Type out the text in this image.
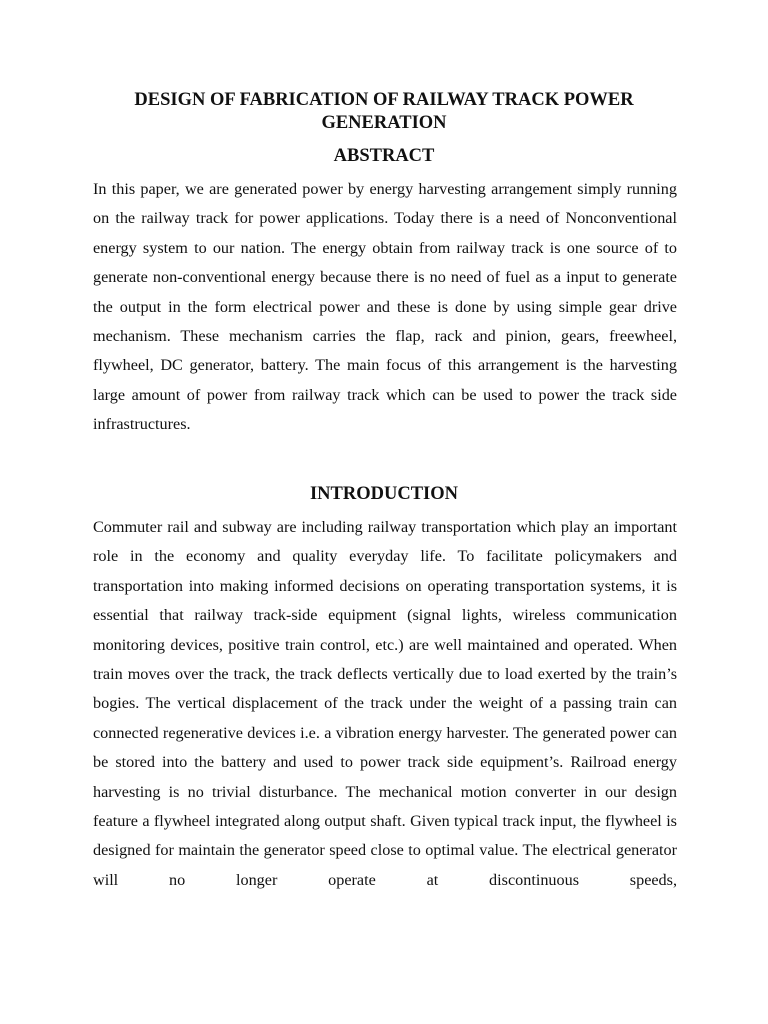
DESIGN OF FABRICATION OF RAILWAY TRACK POWER GENERATION
ABSTRACT

In this paper, we are generated power by energy harvesting arrangement simply running on the railway track for power applications. Today there is a need of Nonconventional energy system to our nation. The energy obtain from railway track is one source of to generate non-conventional energy because there is no need of fuel as a input to generate the output in the form electrical power and these is done by using simple gear drive mechanism. These mechanism carries the flap, rack and pinion, gears, freewheel, flywheel, DC generator, battery. The main focus of this arrangement is the harvesting large amount of power from railway track which can be used to power the track side infrastructures.

INTRODUCTION

Commuter rail and subway are including railway transportation which play an important role in the economy and quality everyday life. To facilitate policymakers and transportation into making informed decisions on operating transportation systems, it is essential that railway track-side equipment (signal lights, wireless communication monitoring devices, positive train control, etc.) are well maintained and operated. When train moves over the track, the track deflects vertically due to load exerted by the train’s bogies. The vertical displacement of the track under the weight of a passing train can connected regenerative devices i.e. a vibration energy harvester. The generated power can be stored into the battery and used to power track side equipment’s. Railroad energy harvesting is no trivial disturbance. The mechanical motion converter in our design feature a flywheel integrated along output shaft. Given typical track input, the flywheel is designed for maintain the generator speed close to optimal value. The electrical generator will no longer operate at discontinuous speeds,
